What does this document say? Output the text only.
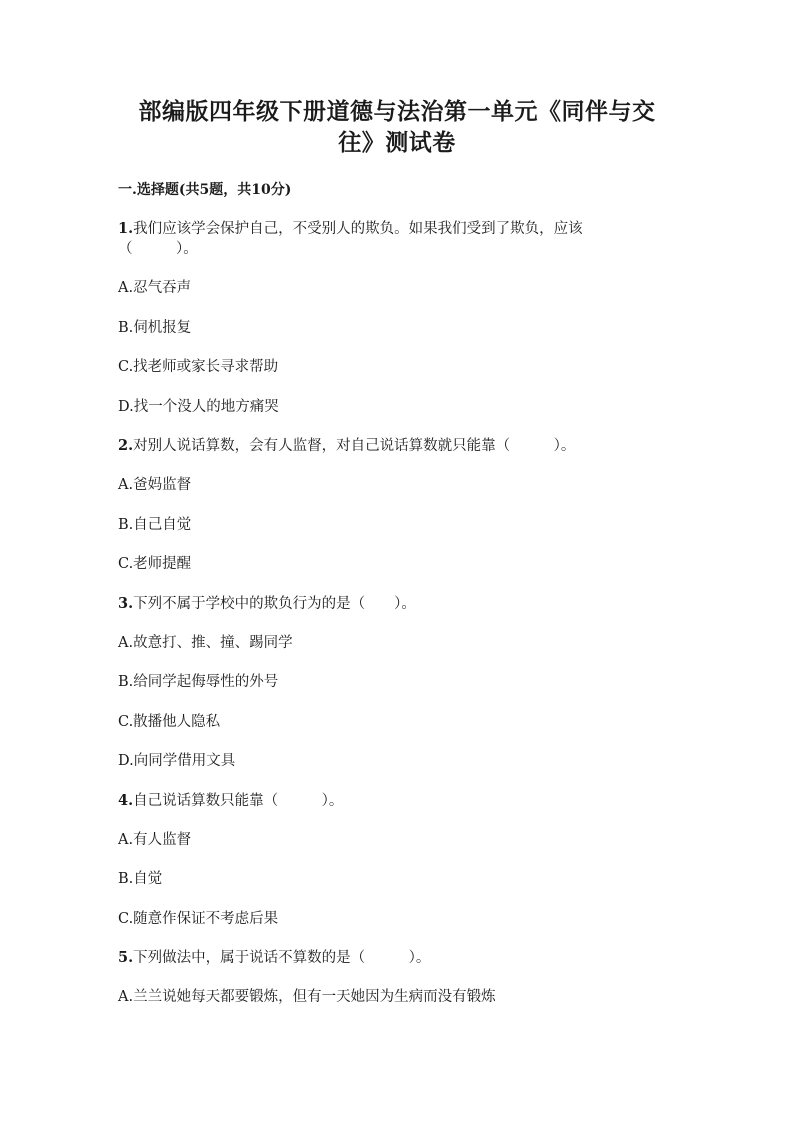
部编版四年级下册道德与法治第一单元《同伴与交
往》测试卷
一.选择题(共5题，共10分)
1.我们应该学会保护自己，不受别人的欺负。如果我们受到了欺负，应该
（　　　）。
A.忍气吞声
B.伺机报复
C.找老师或家长寻求帮助
D.找一个没人的地方痛哭
2.对别人说话算数，会有人监督，对自己说话算数就只能靠（　　　）。
A.爸妈监督
B.自己自觉
C.老师提醒
3.下列不属于学校中的欺负行为的是（　　）。
A.故意打、推、撞、踢同学
B.给同学起侮辱性的外号
C.散播他人隐私
D.向同学借用文具
4.自己说话算数只能靠（　　　）。
A.有人监督
B.自觉
C.随意作保证不考虑后果
5.下列做法中，属于说话不算数的是（　　　）。
A.兰兰说她每天都要锻炼，但有一天她因为生病而没有锻炼
